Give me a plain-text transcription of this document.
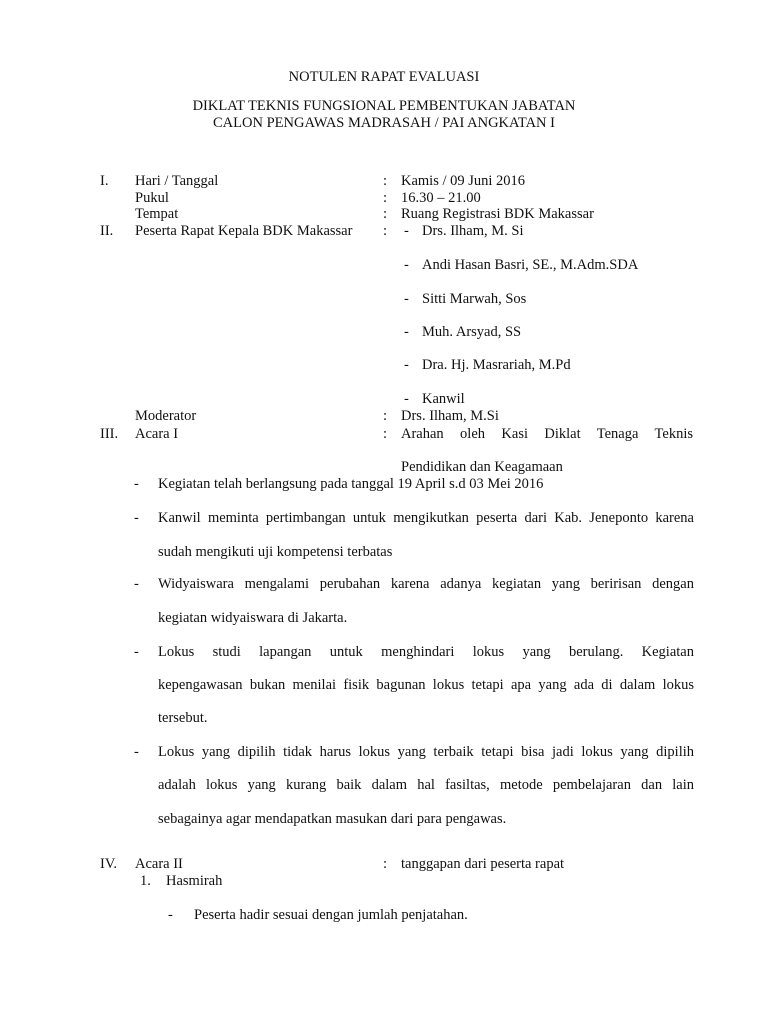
NOTULEN RAPAT EVALUASI
DIKLAT TEKNIS FUNGSIONAL PEMBENTUKAN JABATAN
CALON PENGAWAS MADRASAH / PAI ANGKATAN I
I. Hari / Tanggal	: Kamis / 09 Juni 2016
Pukul	: 16.30 – 21.00
Tempat	: Ruang Registrasi BDK Makassar
II. Peserta Rapat Kepala BDK Makassar : - Drs. Ilham, M. Si
- Andi Hasan Basri, SE., M.Adm.SDA
- Sitti Marwah, Sos
- Muh. Arsyad, SS
- Dra. Hj. Masrariah, M.Pd
- Kanwil
Moderator	: Drs. Ilham, M.Si
III. Acara I	: Arahan oleh Kasi Diklat Tenaga Teknis
Pendidikan dan Keagamaan
- Kegiatan telah berlangsung pada tanggal 19 April s.d 03 Mei 2016
- Kanwil meminta pertimbangan untuk mengikutkan peserta dari Kab. Jeneponto karena
sudah mengikuti uji kompetensi terbatas
- Widyaiswara mengalami perubahan karena adanya kegiatan yang beririsan dengan
kegiatan widyaiswara di Jakarta.
- Lokus studi lapangan untuk menghindari lokus yang berulang. Kegiatan
kepengawasan bukan menilai fisik bagunan lokus tetapi apa yang ada di dalam lokus
tersebut.
- Lokus yang dipilih tidak harus lokus yang terbaik tetapi bisa jadi lokus yang dipilih
adalah lokus yang kurang baik dalam hal fasiltas, metode pembelajaran dan lain
sebagainya agar mendapatkan masukan dari para pengawas.
IV. Acara II	: tanggapan dari peserta rapat
1. Hasmirah
- Peserta hadir sesuai dengan jumlah penjatahan.
